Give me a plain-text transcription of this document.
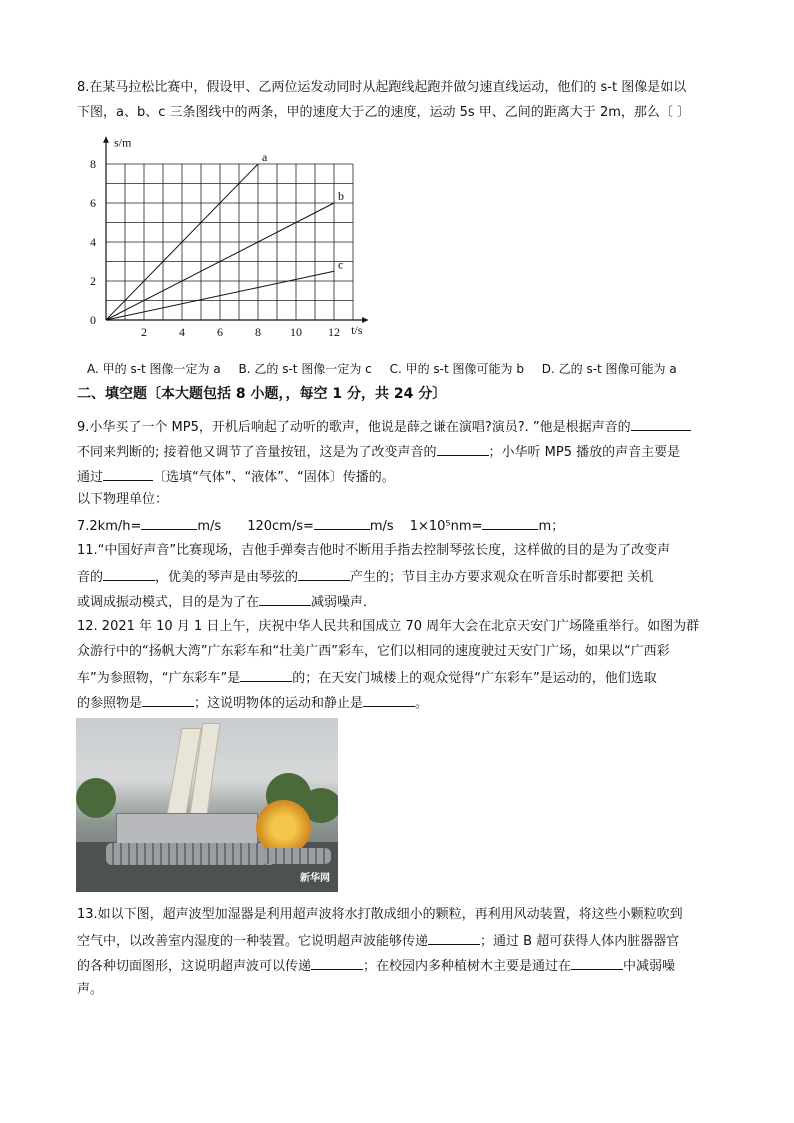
8.在某马拉松比赛中，假设甲、乙两位运发动同时从起跑线起跑并做匀速直线运动，他们的 s-t 图像是如以
下图，a、b、c 三条图线中的两条，甲的速度大于乙的速度，运动 5s 甲、乙间的距离大于 2m，那么〔 〕
2	4	6	8 10 12
0
2
4
6
8
s/m
t/s
a
b
c
A. 甲的 s-t 图像一定为 a B. 乙的 s-t 图像一定为 c C. 甲的 s-t 图像可能为 b D. 乙的 s-t 图像可能为 a
二、填空题〔本大题包括 8 小题，，每空 1 分，共 24 分〕
9.小华买了一个 MP5，开机后响起了动听的歌声，他说是薛之谦在演唱?演员?. ”他是根据声音的
不同来判断的; 接着他又调节了音量按钮，这是为了改变声音的	；小华听 MP5 播放的声音主要是
通过	〔选填“气体”、“液体”、“固体〕传播的。
以下物理单位：
7.2km/h=	m/s 120cm/s=	m/s 1×10⁵nm=	m；
11.“中国好声音”比赛现场，吉他手弹奏吉他时不断用手指去控制琴弦长度，这样做的目的是为了改变声
音的	，优美的琴声是由琴弦的	产生的；节目主办方要求观众在听音乐时都要把 关机
或调成振动模式，目的是为了在	减弱噪声．
12. 2021 年 10 月 1 日上午，庆祝中华人民共和国成立 70 周年大会在北京天安门广场隆重举行。如图为群
众游行中的“扬帆大湾”广东彩车和“壮美广西”彩车，它们以相同的速度驶过天安门广场，如果以“广西彩
车”为参照物，“广东彩车”是	的；在天安门城楼上的观众觉得“广东彩车”是运动的，他们选取
的参照物是	；这说明物体的运动和静止是	。
新华网
13.如以下图，超声波型加湿器是利用超声波将水打散成细小的颗粒，再利用风动装置，将这些小颗粒吹到
空气中，以改善室内湿度的一种装置。它说明超声波能够传递	；通过 B 超可获得人体内脏器器官
的各种切面图形，这说明超声波可以传递	；在校园内多种植树木主要是通过在	中减弱噪
声。
